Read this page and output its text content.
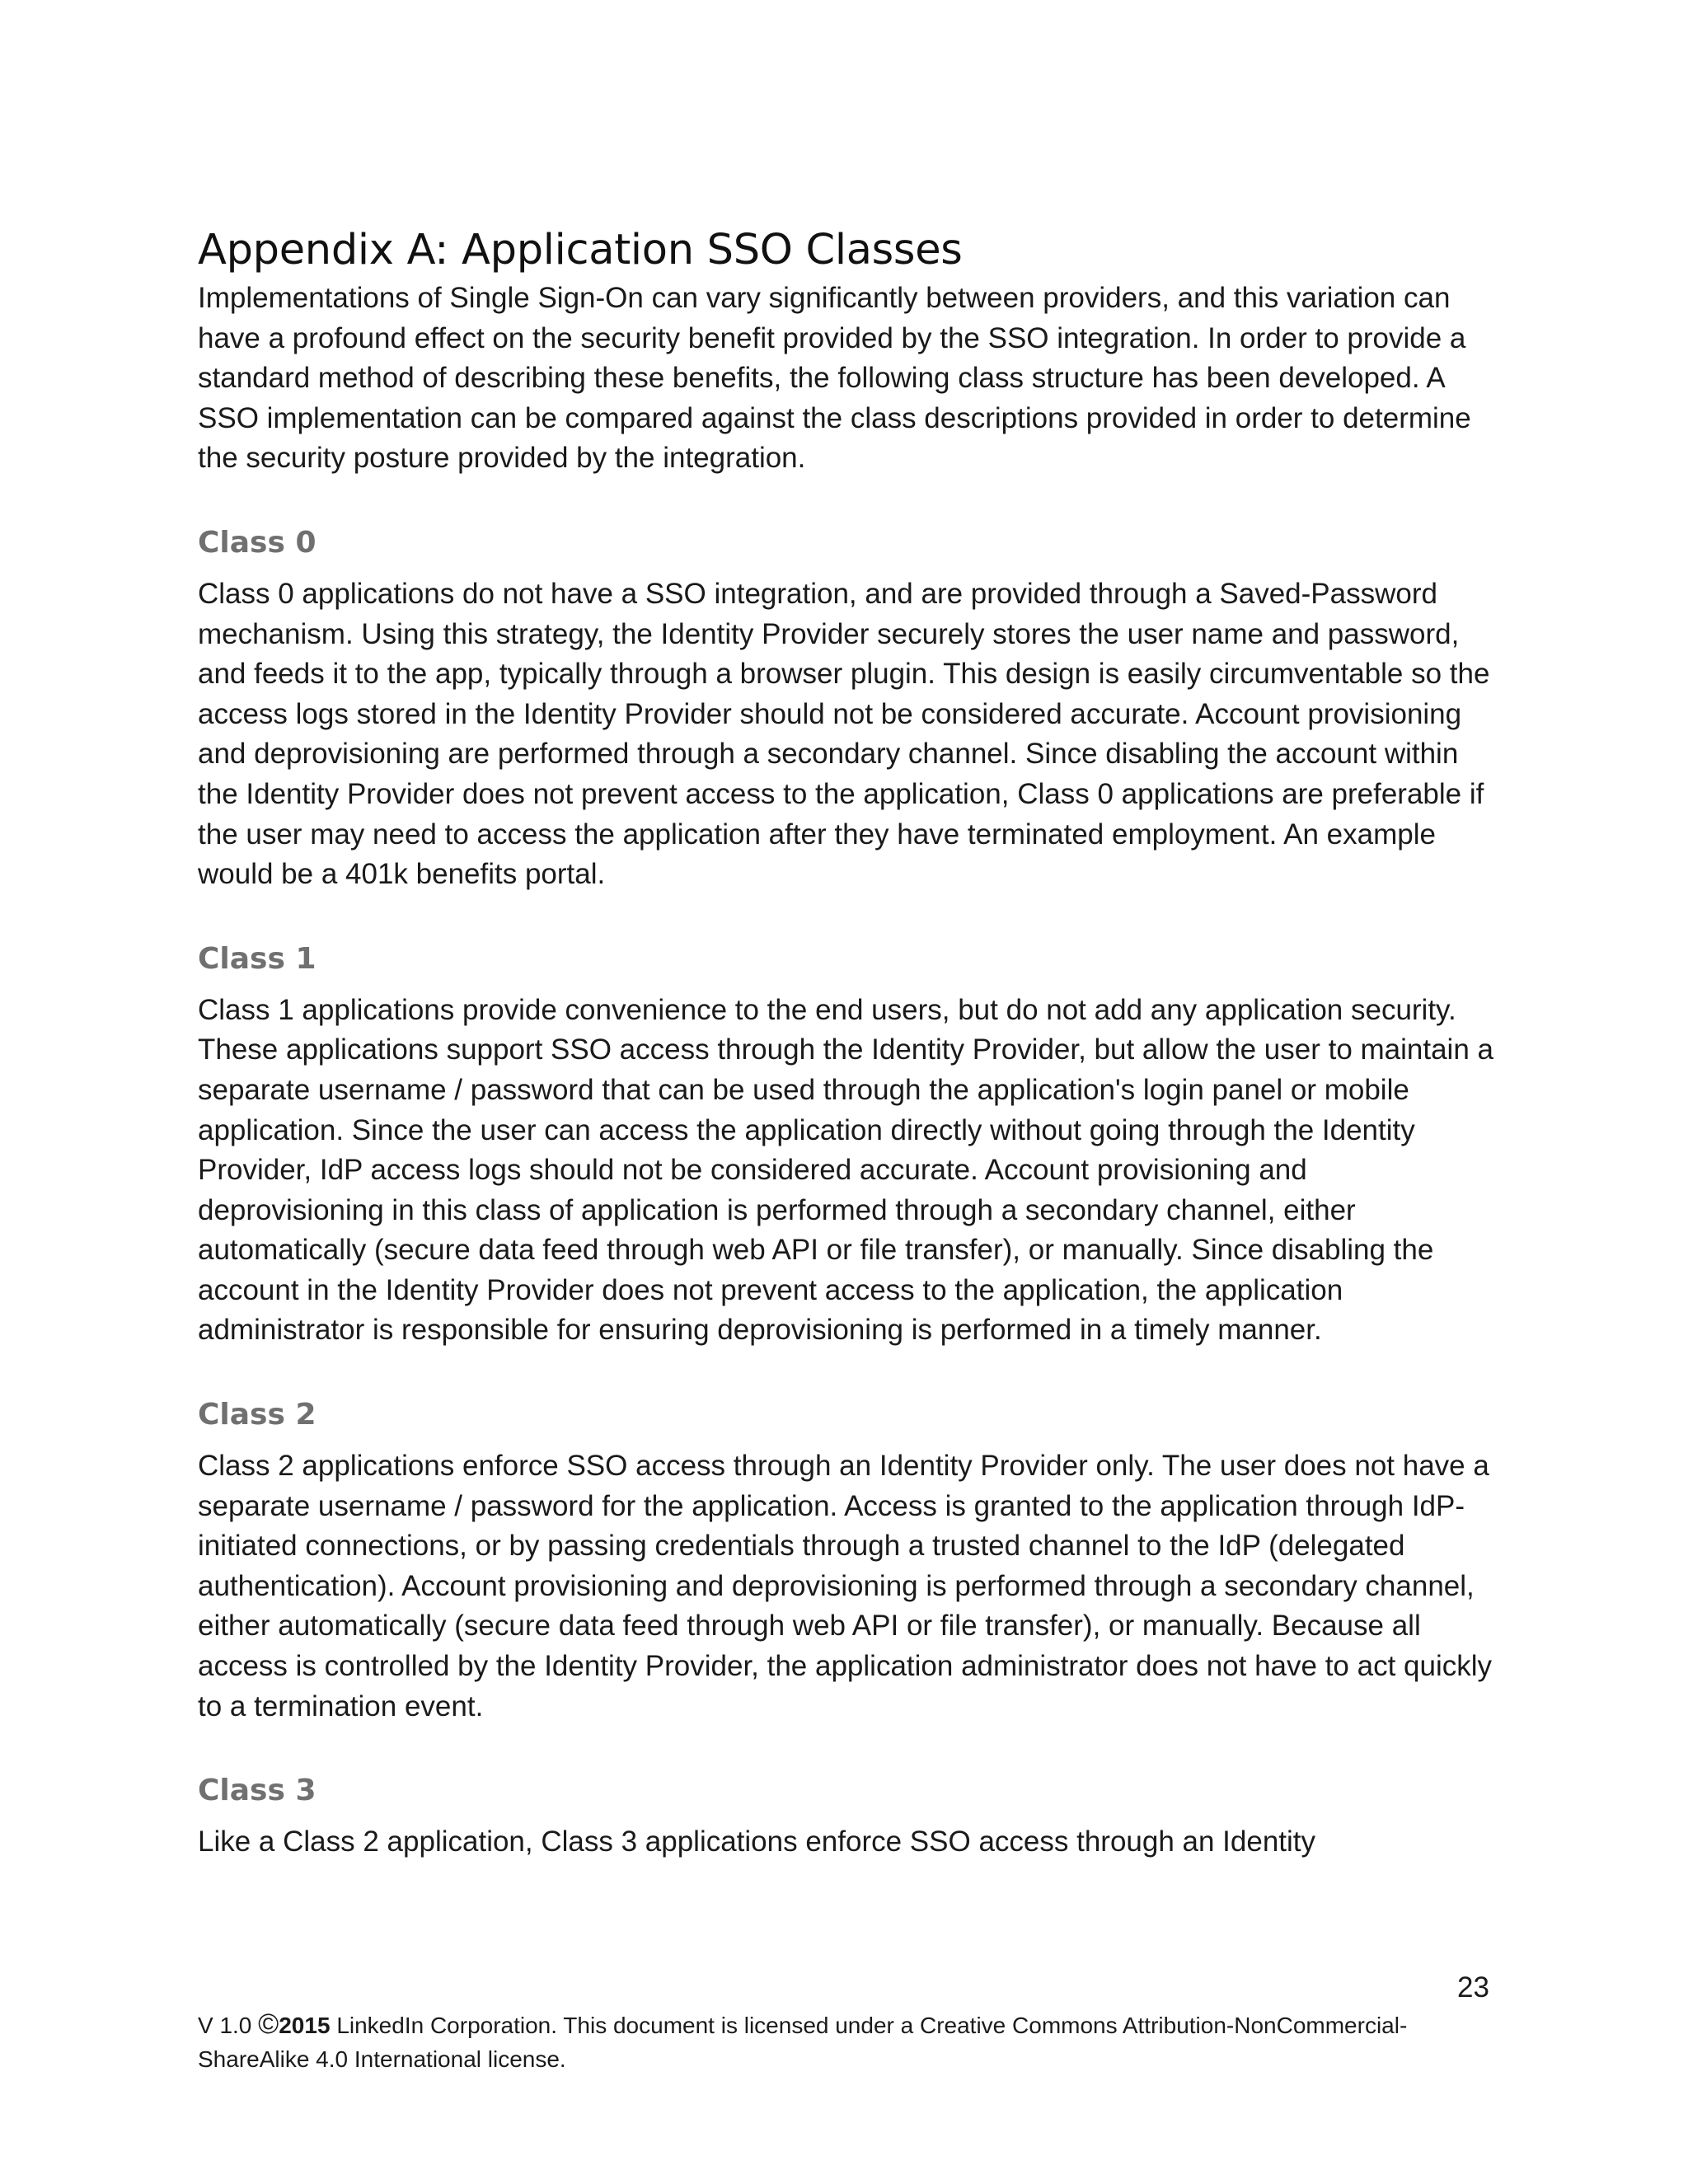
Appendix A: Application SSO Classes

Implementations of Single Sign-On can vary significantly between providers, and this variation can have a profound effect on the security benefit provided by the SSO integration. In order to provide a standard method of describing these benefits, the following class structure has been developed. A SSO implementation can be compared against the class descriptions provided in order to determine the security posture provided by the integration.

Class 0

Class 0 applications do not have a SSO integration, and are provided through a Saved-Password mechanism. Using this strategy, the Identity Provider securely stores the user name and password, and feeds it to the app, typically through a browser plugin. This design is easily circumventable so the access logs stored in the Identity Provider should not be considered accurate. Account provisioning and deprovisioning are performed through a secondary channel. Since disabling the account within the Identity Provider does not prevent access to the application, Class 0 applications are preferable if the user may need to access the application after they have terminated employment. An example would be a 401k benefits portal.

Class 1

Class 1 applications provide convenience to the end users, but do not add any application security. These applications support SSO access through the Identity Provider, but allow the user to maintain a separate username / password that can be used through the application's login panel or mobile application. Since the user can access the application directly without going through the Identity Provider, IdP access logs should not be considered accurate. Account provisioning and deprovisioning in this class of application is performed through a secondary channel, either automatically (secure data feed through web API or file transfer), or manually. Since disabling the account in the Identity Provider does not prevent access to the application, the application administrator is responsible for ensuring deprovisioning is performed in a timely manner.

Class 2

Class 2 applications enforce SSO access through an Identity Provider only. The user does not have a separate username / password for the application. Access is granted to the application through IdP-initiated connections, or by passing credentials through a trusted channel to the IdP (delegated authentication). Account provisioning and deprovisioning is performed through a secondary channel, either automatically (secure data feed through web API or file transfer), or manually. Because all access is controlled by the Identity Provider, the application administrator does not have to act quickly to a termination event.

Class 3

Like a Class 2 application, Class 3 applications enforce SSO access through an Identity

23
V 1.0 ©2015 LinkedIn Corporation. This document is licensed under a Creative Commons Attribution-NonCommercial-ShareAlike 4.0 International license.
